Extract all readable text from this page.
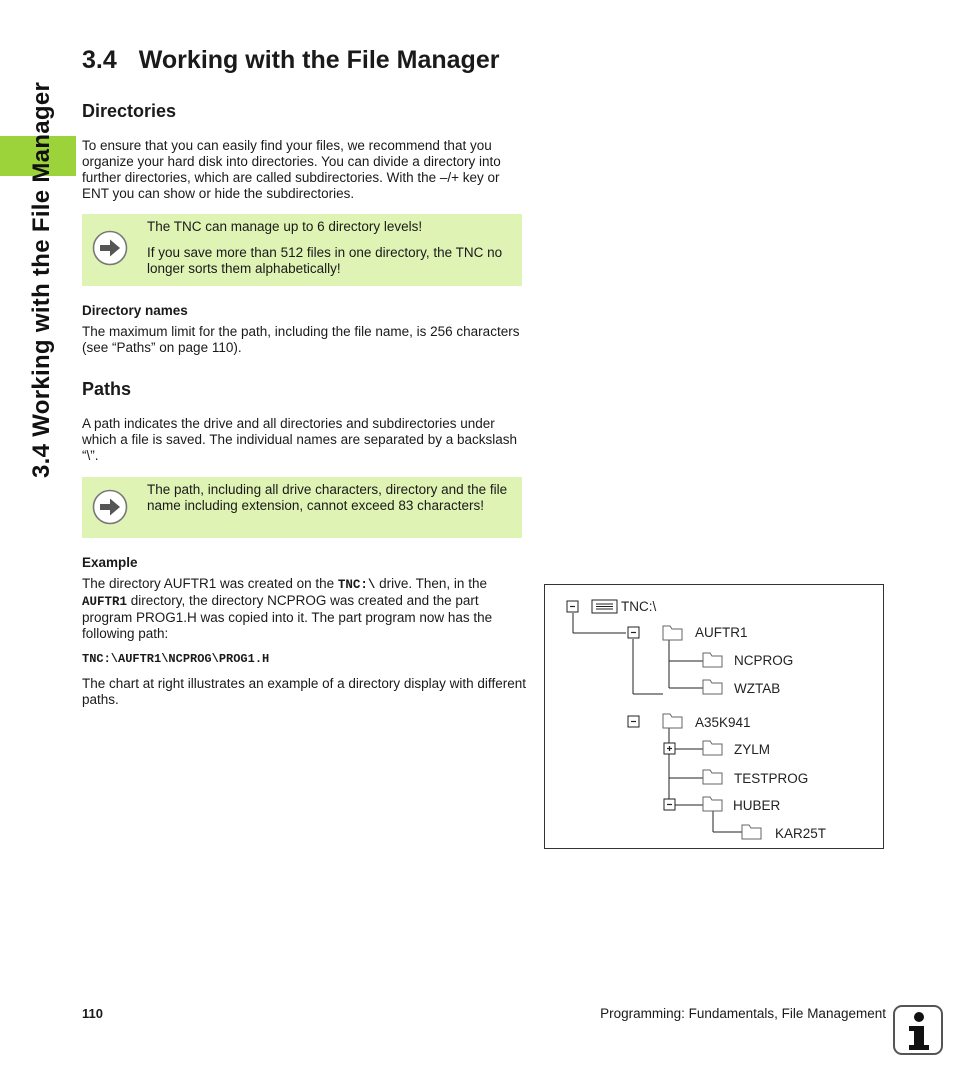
3.4 Working with the File Manager
3.4 Working with the File Manager
Directories

To ensure that you can easily find your files, we recommend that you organize your hard disk into directories. You can divide a directory into further directories, which are called subdirectories. With the –/+ key or ENT you can show or hide the subdirectories.

The TNC can manage up to 6 directory levels!

If you save more than 512 files in one directory, the TNC no longer sorts them alphabetically!

Directory names

The maximum limit for the path, including the file name, is 256 characters (see “Paths” on page 110).

Paths

A path indicates the drive and all directories and subdirectories under which a file is saved. The individual names are separated by a backslash “\”.

The path, including all drive characters, directory and the file name including extension, cannot exceed 83 characters!

Example

The directory AUFTR1 was created on the TNC:\ drive. Then, in the AUFTR1 directory, the directory NCPROG was created and the part program PROG1.H was copied into it. The part program now has the following path:

TNC:\AUFTR1\NCPROG\PROG1.H

The chart at right illustrates an example of a directory display with different paths.

TNC:\
AUFTR1
NCPROG
WZTAB
A35K941
ZYLM
TESTPROG
HUBER
KAR25T
110	Programming: Fundamentals, File Management
